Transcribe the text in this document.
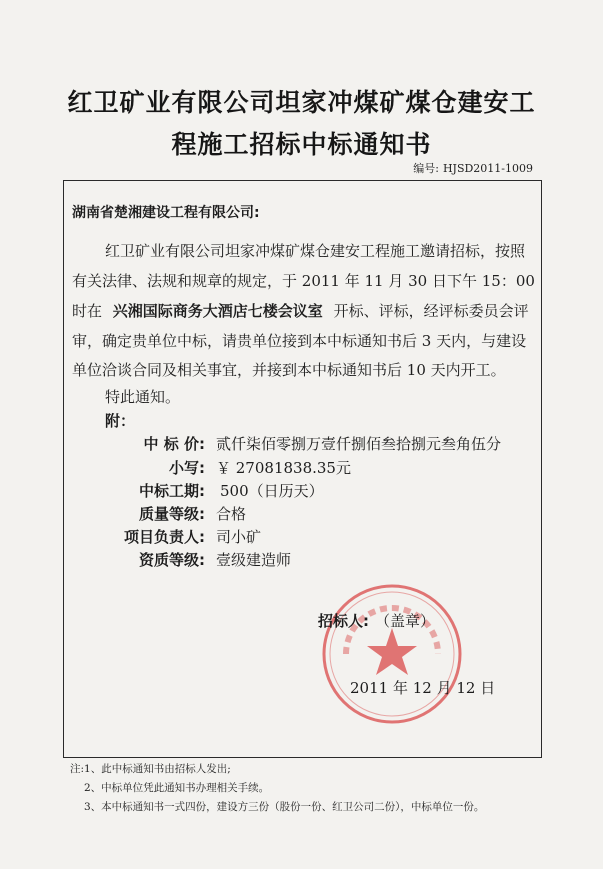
红卫矿业有限公司坦家冲煤矿煤仓建安工
程施工招标中标通知书
编号: HJSD2011-1009
湖南省楚湘建设工程有限公司:
红卫矿业有限公司坦家冲煤矿煤仓建安工程施工邀请招标，按照
有关法律、法规和规章的规定，于 2011 年 11 月 30 日下午 15：00
时在 兴湘国际商务大酒店七楼会议室 开标、评标，经评标委员会评
审，确定贵单位中标，请贵单位接到本中标通知书后 3 天内，与建设
单位洽谈合同及相关事宜，并接到本中标通知书后 10 天内开工。
特此通知。
附：
中 标 价: 贰仟柒佰零捌万壹仟捌佰叁拾捌元叁角伍分
小写: ￥ 27081838.35元
中标工期: 500（日历天）
质量等级: 合格
项目负责人: 司小矿
资质等级: 壹级建造师
招标人: （盖章）
2011 年 12 月 12 日
注:1、此中标通知书由招标人发出;
2、中标单位凭此通知书办理相关手续。
3、本中标通知书一式四份，建设方三份（股份一份、红卫公司二份），中标单位一份。
